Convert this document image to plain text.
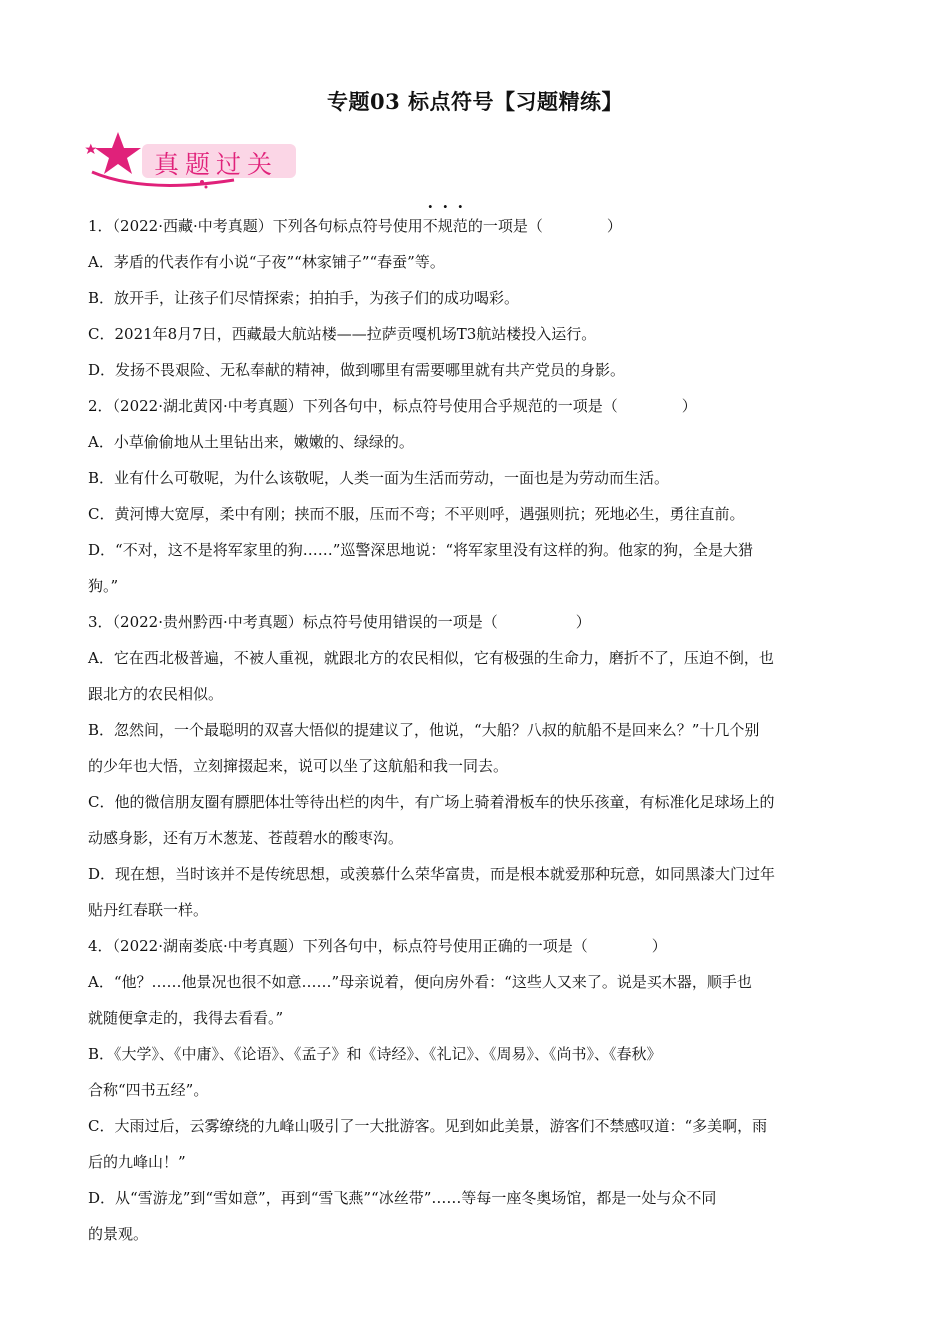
专题03 标点符号【习题精练】
真题过关
1．（2022·西藏·中考真题）下列各句标点符号使用不规范的一项是（	）
A．茅盾的代表作有小说“子夜”“林家铺子”“春蚕”等。
B．放开手，让孩子们尽情探索；拍拍手，为孩子们的成功喝彩。
C．2021年8月7日，西藏最大航站楼——拉萨贡嘎机场T3航站楼投入运行。
D．发扬不畏艰险、无私奉献的精神，做到哪里有需要哪里就有共产党员的身影。
2．（2022·湖北黄冈·中考真题）下列各句中，标点符号使用合乎规范的一项是（	）
A．小草偷偷地从土里钻出来，嫩嫩的、绿绿的。
B．业有什么可敬呢，为什么该敬呢，人类一面为生活而劳动，一面也是为劳动而生活。
C．黄河博大宽厚，柔中有刚；挟而不服，压而不弯；不平则呼，遇强则抗；死地必生，勇往直前。
D．“不对，这不是将军家里的狗……”巡警深思地说：“将军家里没有这样的狗。他家的狗，全是大猎
狗。”
3．（2022·贵州黔西·中考真题）标点符号使用错误的一项是（	）
A．它在西北极普遍，不被人重视，就跟北方的农民相似，它有极强的生命力，磨折不了，压迫不倒，也
跟北方的农民相似。
B．忽然间，一个最聪明的双喜大悟似的提建议了，他说，“大船？八叔的航船不是回来么？”十几个别
的少年也大悟，立刻撺掇起来，说可以坐了这航船和我一同去。
C．他的微信朋友圈有膘肥体壮等待出栏的肉牛，有广场上骑着滑板车的快乐孩童，有标准化足球场上的
动感身影，还有万木葱茏、苍葭碧水的酸枣沟。
D．现在想，当时该并不是传统思想，或羡慕什么荣华富贵，而是根本就爱那种玩意，如同黑漆大门过年
贴丹红春联一样。
4．（2022·湖南娄底·中考真题）下列各句中，标点符号使用正确的一项是（	）
A．“他？……他景况也很不如意……”母亲说着，便向房外看：“这些人又来了。说是买木器，顺手也
就随便拿走的，我得去看看。”
B．《大学》、《中庸》、《论语》、《孟子》和《诗经》、《礼记》、《周易》、《尚书》、《春秋》
合称“四书五经”。
C．大雨过后，云雾缭绕的九峰山吸引了一大批游客。见到如此美景，游客们不禁感叹道：“多美啊，雨
后的九峰山！”
D．从“雪游龙”到“雪如意”，再到“雪飞燕”“冰丝带”……等每一座冬奥场馆，都是一处与众不同
的景观。
